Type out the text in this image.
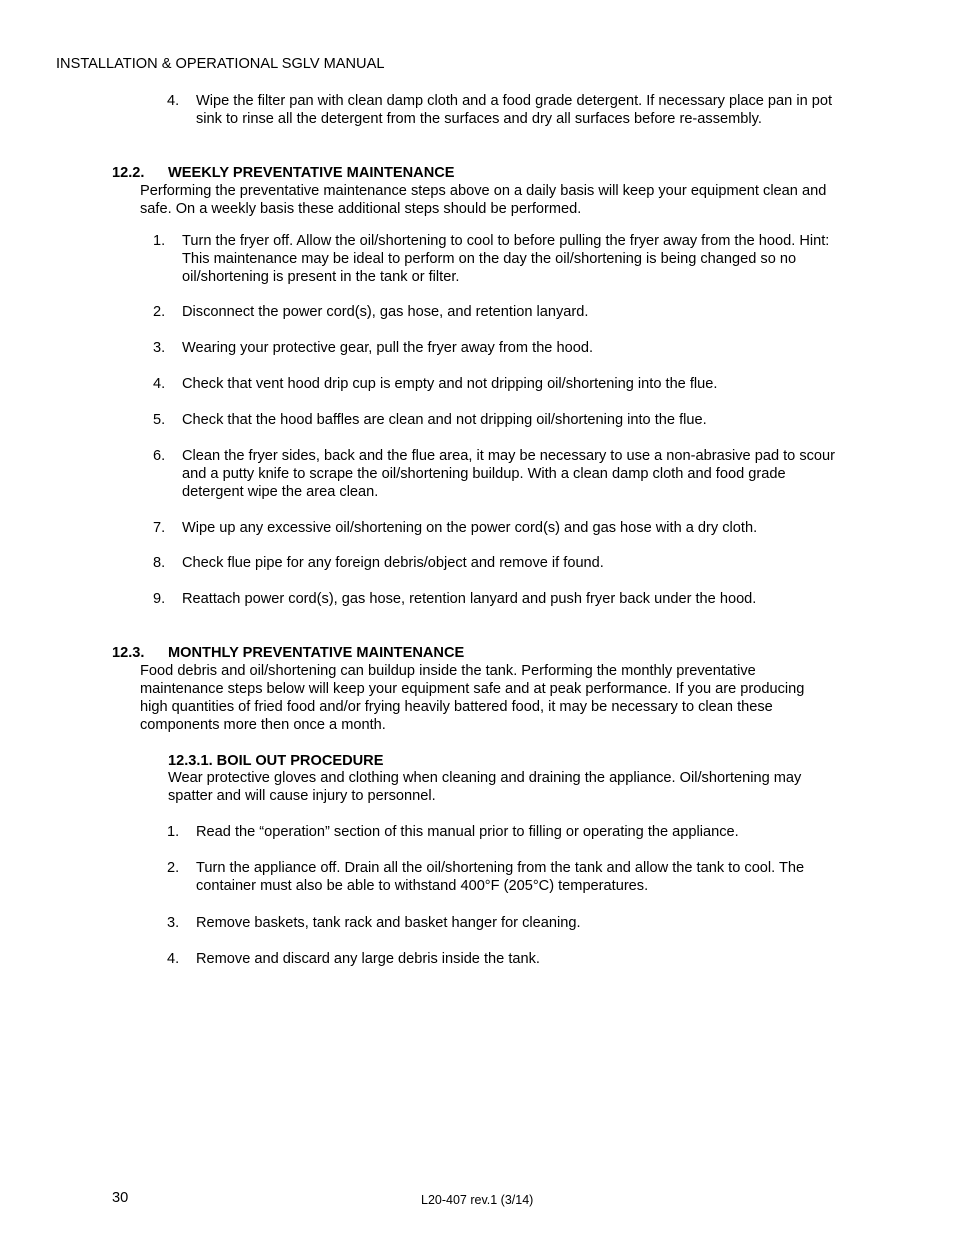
INSTALLATION & OPERATIONAL SGLV MANUAL
4. Wipe the filter pan with clean damp cloth and a food grade detergent. If necessary place pan in pot sink to rinse all the detergent from the surfaces and dry all surfaces before re-assembly.
12.2. WEEKLY PREVENTATIVE MAINTENANCE
Performing the preventative maintenance steps above on a daily basis will keep your equipment clean and safe. On a weekly basis these additional steps should be performed.
1. Turn the fryer off. Allow the oil/shortening to cool to before pulling the fryer away from the hood. Hint: This maintenance may be ideal to perform on the day the oil/shortening is being changed so no oil/shortening is present in the tank or filter.
2. Disconnect the power cord(s), gas hose, and retention lanyard.
3. Wearing your protective gear, pull the fryer away from the hood.
4. Check that vent hood drip cup is empty and not dripping oil/shortening into the flue.
5. Check that the hood baffles are clean and not dripping oil/shortening into the flue.
6. Clean the fryer sides, back and the flue area, it may be necessary to use a non-abrasive pad to scour and a putty knife to scrape the oil/shortening buildup. With a clean damp cloth and food grade detergent wipe the area clean.
7. Wipe up any excessive oil/shortening on the power cord(s) and gas hose with a dry cloth.
8. Check flue pipe for any foreign debris/object and remove if found.
9. Reattach power cord(s), gas hose, retention lanyard and push fryer back under the hood.
12.3. MONTHLY PREVENTATIVE MAINTENANCE
Food debris and oil/shortening can buildup inside the tank. Performing the monthly preventative maintenance steps below will keep your equipment safe and at peak performance. If you are producing high quantities of fried food and/or frying heavily battered food, it may be necessary to clean these components more then once a month.
12.3.1. BOIL OUT PROCEDURE
Wear protective gloves and clothing when cleaning and draining the appliance. Oil/shortening may spatter and will cause injury to personnel.
1. Read the “operation” section of this manual prior to filling or operating the appliance.
2. Turn the appliance off. Drain all the oil/shortening from the tank and allow the tank to cool. The container must also be able to withstand 400°F (205°C) temperatures.
3. Remove baskets, tank rack and basket hanger for cleaning.
4. Remove and discard any large debris inside the tank.
30	L20-407 rev.1 (3/14)
